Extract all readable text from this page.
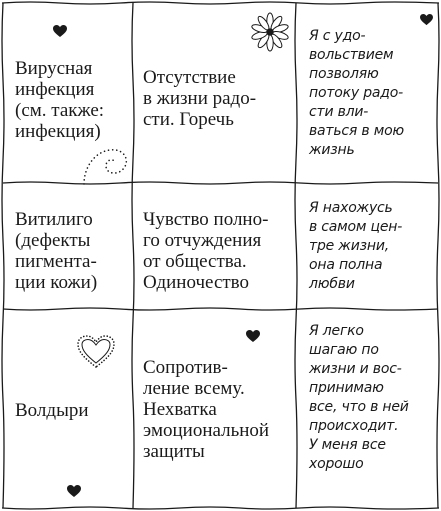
Вирусная
инфекция
(см. также:
инфекция)
Отсутствие
в жизни радо-
сти. Горечь
Я с удо-
вольствием
позволяю
потоку радо-
сти вли-
ваться в мою
жизнь
Витилиго
(дефекты
пигмента-
ции кожи)
Чувство полно-
го отчуждения
от общества.
Одиночество
Я нахожусь
в самом цен-
тре жизни,
она полна
любви
Волдыри
Сопротив-
ление всему.
Нехватка
эмоциональной
защиты
Я легко
шагаю по
жизни и вос-
принимаю
все, что в ней
происходит.
У меня все
хорошо
